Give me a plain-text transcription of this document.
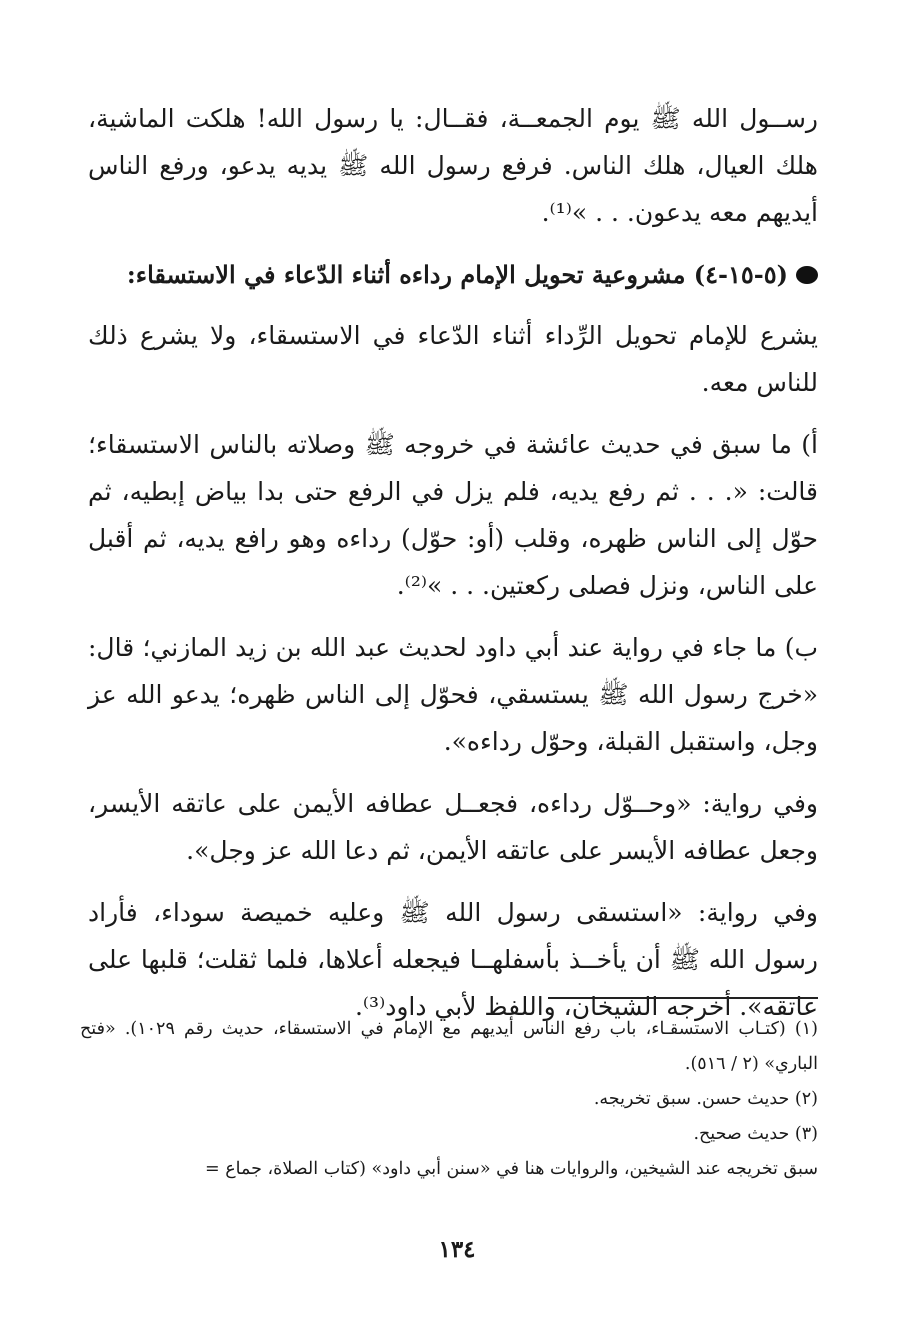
رســول الله ﷺ يوم الجمعــة، فقــال: يا رسول الله! هلكت الماشية، هلك العيال، هلك الناس. فرفع رسول الله ﷺ يديه يدعو، ورفع الناس أيديهم معه يدعون. . . »⁽¹⁾.

(٥-١٥-٤) مشروعية تحويل الإمام رداءه أثناء الدّعاء في الاستسقاء:

يشرع للإمام تحويل الرِّداء أثناء الدّعاء في الاستسقاء، ولا يشرع ذلك للناس معه.

أ) ما سبق في حديث عائشة في خروجه ﷺ وصلاته بالناس الاستسقاء؛ قالت: «. . . ثم رفع يديه، فلم يزل في الرفع حتى بدا بياض إبطيه، ثم حوّل إلى الناس ظهره، وقلب (أو: حوّل) رداءه وهو رافع يديه، ثم أقبل على الناس، ونزل فصلى ركعتين. . . »⁽²⁾.

ب) ما جاء في رواية عند أبي داود لحديث عبد الله بن زيد المازني؛ قال: «خرج رسول الله ﷺ يستسقي، فحوّل إلى الناس ظهره؛ يدعو الله عز وجل، واستقبل القبلة، وحوّل رداءه».

وفي رواية: «وحــوّل رداءه، فجعــل عطافه الأيمن على عاتقه الأيسر، وجعل عطافه الأيسر على عاتقه الأيمن، ثم دعا الله عز وجل».

وفي رواية: «استسقى رسول الله ﷺ وعليه خميصة سوداء، فأراد رسول الله ﷺ أن يأخــذ بأسفلهــا فيجعله أعلاها، فلما ثقلت؛ قلبها على عاتقه». أخرجه الشيخان، واللفظ لأبي داود⁽³⁾.

(١) (كتـاب الاستسقـاء، باب رفع الناس أيديهم مع الإمام في الاستسقاء، حديث رقم ١٠٢٩). «فتح الباري» (٢ / ٥١٦).

(٢) حديث حسن. سبق تخريجه.

(٣) حديث صحيح.

سبق تخريجه عند الشيخين، والروايات هنا في «سنن أبي داود» (كتاب الصلاة، جماع =

١٣٤
